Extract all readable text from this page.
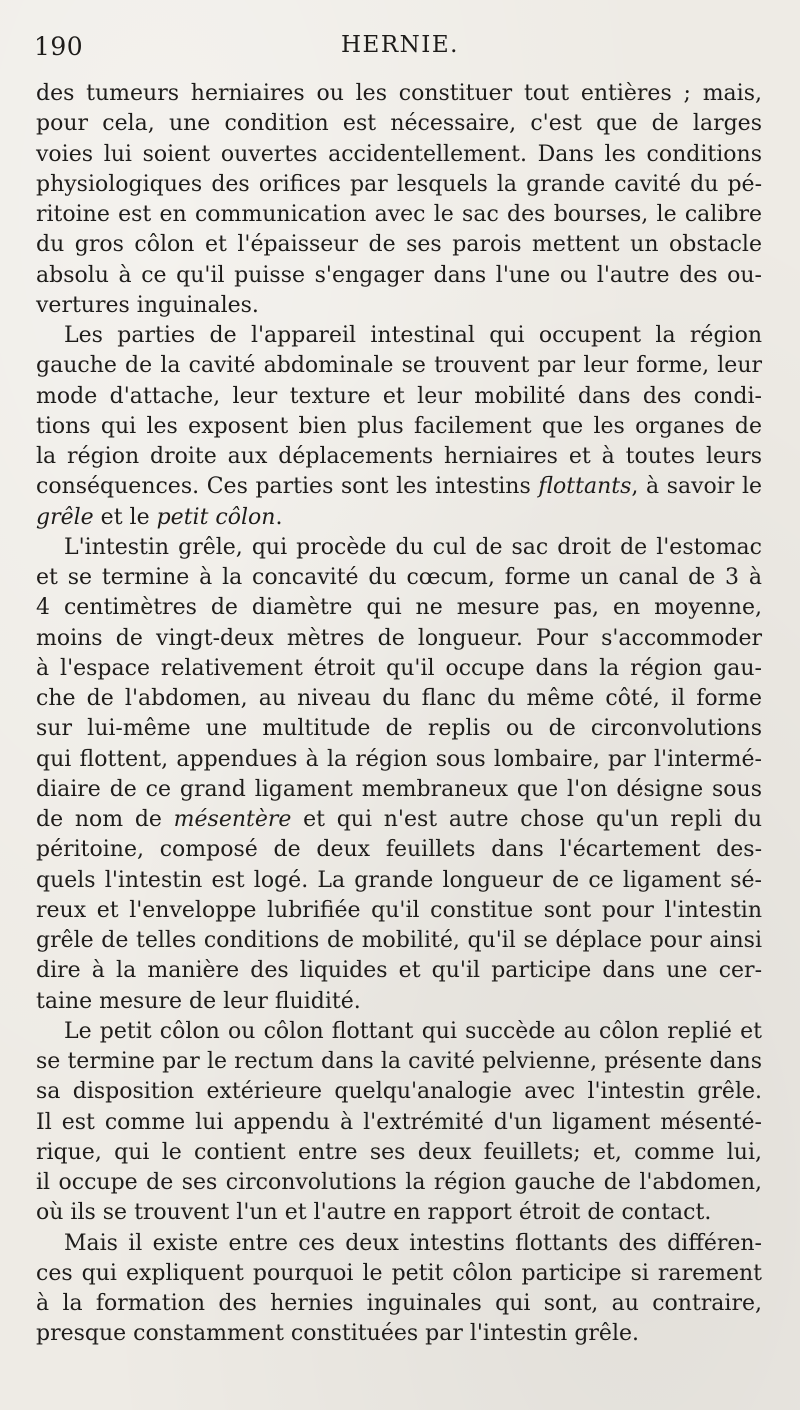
190	HERNIE.
des tumeurs herniaires ou les constituer tout entières ; mais,
pour cela, une condition est nécessaire, c'est que de larges
voies lui soient ouvertes accidentellement. Dans les conditions
physiologiques des orifices par lesquels la grande cavité du pé-
ritoine est en communication avec le sac des bourses, le calibre
du gros côlon et l'épaisseur de ses parois mettent un obstacle
absolu à ce qu'il puisse s'engager dans l'une ou l'autre des ou-
vertures inguinales.
Les parties de l'appareil intestinal qui occupent la région
gauche de la cavité abdominale se trouvent par leur forme, leur
mode d'attache, leur texture et leur mobilité dans des condi-
tions qui les exposent bien plus facilement que les organes de
la région droite aux déplacements herniaires et à toutes leurs
conséquences. Ces parties sont les intestins flottants, à savoir le
grêle et le petit côlon.
L'intestin grêle, qui procède du cul de sac droit de l'estomac
et se termine à la concavité du cœcum, forme un canal de 3 à
4 centimètres de diamètre qui ne mesure pas, en moyenne,
moins de vingt-deux mètres de longueur. Pour s'accommoder
à l'espace relativement étroit qu'il occupe dans la région gau-
che de l'abdomen, au niveau du flanc du même côté, il forme
sur lui-même une multitude de replis ou de circonvolutions
qui flottent, appendues à la région sous lombaire, par l'intermé-
diaire de ce grand ligament membraneux que l'on désigne sous
de nom de mésentère et qui n'est autre chose qu'un repli du
péritoine, composé de deux feuillets dans l'écartement des-
quels l'intestin est logé. La grande longueur de ce ligament sé-
reux et l'enveloppe lubrifiée qu'il constitue sont pour l'intestin
grêle de telles conditions de mobilité, qu'il se déplace pour ainsi
dire à la manière des liquides et qu'il participe dans une cer-
taine mesure de leur fluidité.
Le petit côlon ou côlon flottant qui succède au côlon replié et
se termine par le rectum dans la cavité pelvienne, présente dans
sa disposition extérieure quelqu'analogie avec l'intestin grêle.
Il est comme lui appendu à l'extrémité d'un ligament mésenté-
rique, qui le contient entre ses deux feuillets; et, comme lui,
il occupe de ses circonvolutions la région gauche de l'abdomen,
où ils se trouvent l'un et l'autre en rapport étroit de contact.
Mais il existe entre ces deux intestins flottants des différen-
ces qui expliquent pourquoi le petit côlon participe si rarement
à la formation des hernies inguinales qui sont, au contraire,
presque constamment constituées par l'intestin grêle.
